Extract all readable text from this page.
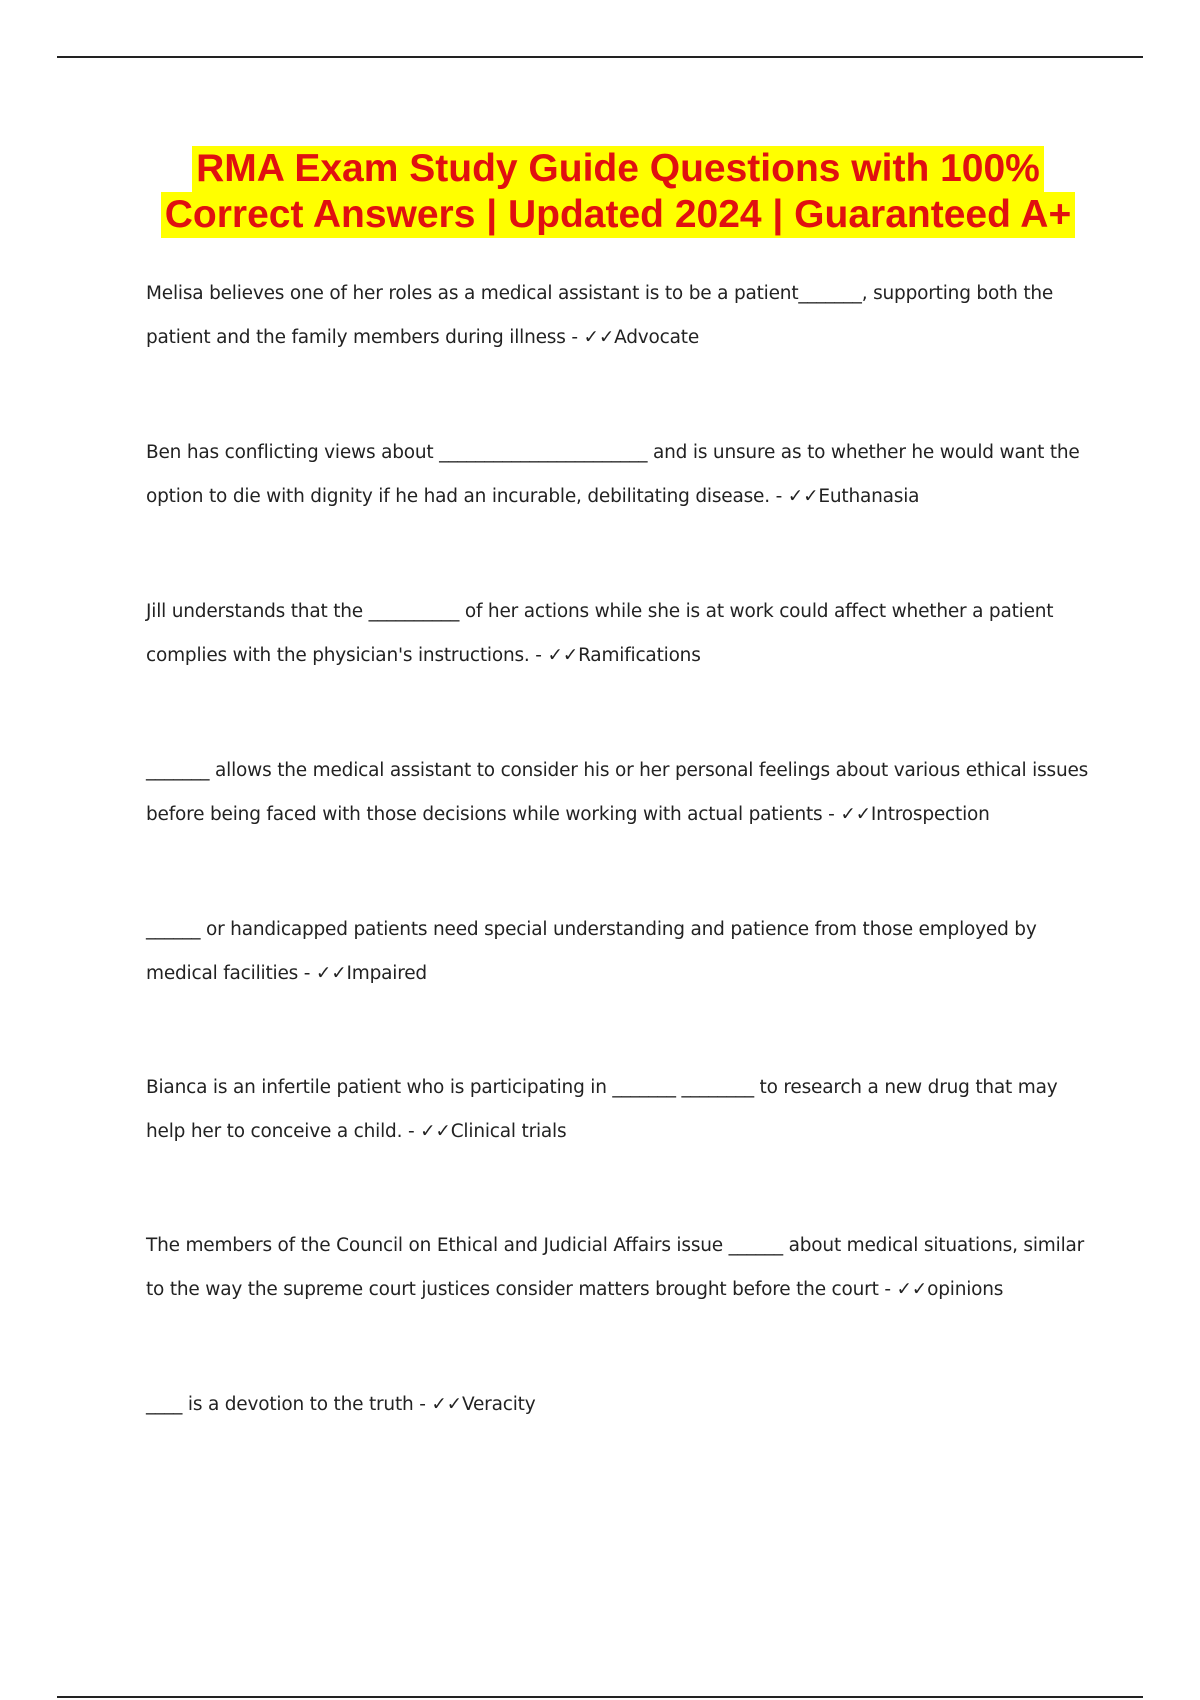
RMA Exam Study Guide Questions with 100%
Correct Answers | Updated 2024 | Guaranteed A+
Melisa believes one of her roles as a medical assistant is to be a patient_______, supporting both the patient and the family members during illness - ✓✓Advocate
Ben has conflicting views about _______________________ and is unsure as to whether he would want the option to die with dignity if he had an incurable, debilitating disease. - ✓✓Euthanasia
Jill understands that the __________ of her actions while she is at work could affect whether a patient complies with the physician's instructions. - ✓✓Ramifications
_______ allows the medical assistant to consider his or her personal feelings about various ethical issues before being faced with those decisions while working with actual patients - ✓✓Introspection
______ or handicapped patients need special understanding and patience from those employed by medical facilities - ✓✓Impaired
Bianca is an infertile patient who is participating in _______ ________ to research a new drug that may help her to conceive a child. - ✓✓Clinical trials
The members of the Council on Ethical and Judicial Affairs issue ______ about medical situations, similar to the way the supreme court justices consider matters brought before the court - ✓✓opinions
____ is a devotion to the truth - ✓✓Veracity
